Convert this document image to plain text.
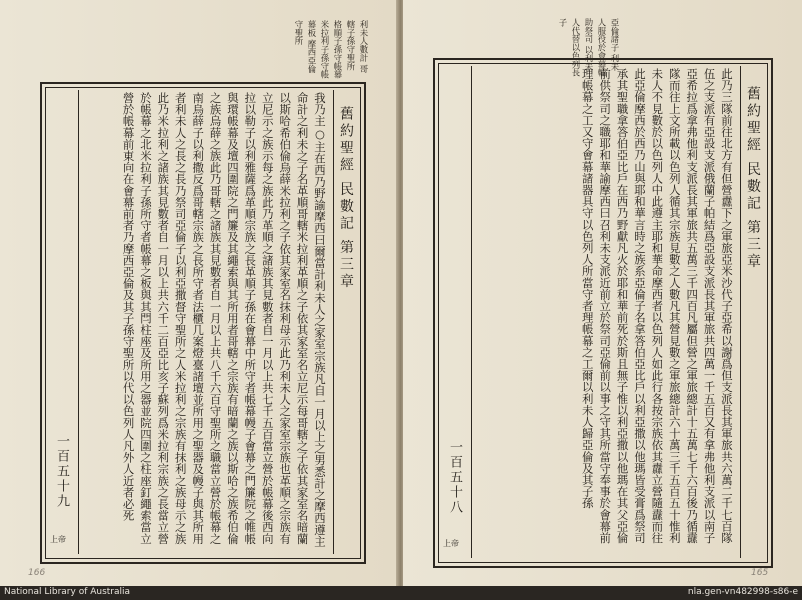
利未人數計 哥轄子孫守聖所 格順子孫守帳幕 米拉利子孫守帳幕板 摩西亞倫守聖所
舊約聖經 民數記 第三章
我乃主○主在西乃野諭摩西曰爾當計利未人之家室宗族凡自一月以上之男悉計之摩西遵主命計之利未之子名革順哥轄米拉利革順之子依其家室名立尼示每哥轄之子依其家室名暗蘭以斯哈希伯倫烏薛米拉利之子依其家室名抹利母示此乃利未人之家室宗族也革順之宗族有立尼示之族示每之族此乃革順之諸族其見數者自一月以上共七千五百當立營於帳幕後西向拉以勒子以利雅薩爲革順宗族之長革順子孫在會幕中所守者帳幕幔子會幕之門簾院之帷帳與環帳幕及壇四圍院之門簾及其繩索與其所用者哥轄之宗族有暗蘭之族以斯哈之族希伯倫之族烏薛之族此乃哥轄之諸族其見數者自一月以上共八千六百守聖所之職當立營於帳幕之南烏薛子以利撒反爲哥轄宗族之長所守者法櫃几案燈臺諸壇並所用之聖器及幔子與其所用者利未人之長之長乃祭司亞倫子以利亞撒督守聖所之人米拉利之宗族有抹利之族母示之族此乃米拉利之諸族其見數者自一月以上共六千二百亞比亥子蘇列爲米拉利宗族之長當立營於帳幕之北米拉利子孫所守者帳幕之板與其閂柱座及所用之器並院四圍之柱座釘繩索當立營於帳幕前東向在會幕前者乃摩西亞倫及其子孫守聖所以代以色列人凡外人近者必死
一百五十九
上帝
166
亞倫諸子 利未人服役於會幕輔助祭司 以利未人代替以色列長子
舊約聖經 民數記 第三章
此乃三隊前往北方有但營纛下之軍旅亞米沙代子亞希以謝爲但支派長其軍旅共六萬二千七百隊伍之支派有亞設支派俄蘭子帕結爲亞設支派長其軍旅共四萬一千五百又有拿弗他利支派以南子亞希拉爲拿弗他利支派長其軍旅共五萬三千四百凡屬但營之軍旅總計十五萬七千六百後乃循纛隊而往上文所載以色列人循其宗族見數之人數凡其營見數之軍旅總計六十萬三千五百五十惟利未人不見數於以色列人中此遵主耶和華命摩西者以色列人如此行各按宗族依其纛立營隨纛而往此亞倫摩西於西乃山與耶和華言時之族系亞倫子名拿答伯亞比戶以利亞撒以他瑪皆受膏爲祭司承其聖職拿答伯亞比戶在西乃野獻凡火於耶和華前死於斯且無子惟以利亞撒以他瑪在其父亞倫前供祭司之職耶和華諭摩西曰召利未支派近前立於祭司亞倫前以事之守其所當守奉事於會幕前理帳幕之工又守會幕諸器具守以色列人所當守者理帳幕之工爾以利未人歸亞倫及其子孫
一百五十八
上帝
165
National Library of Australia	nla.gen-vn482998-s86-e
